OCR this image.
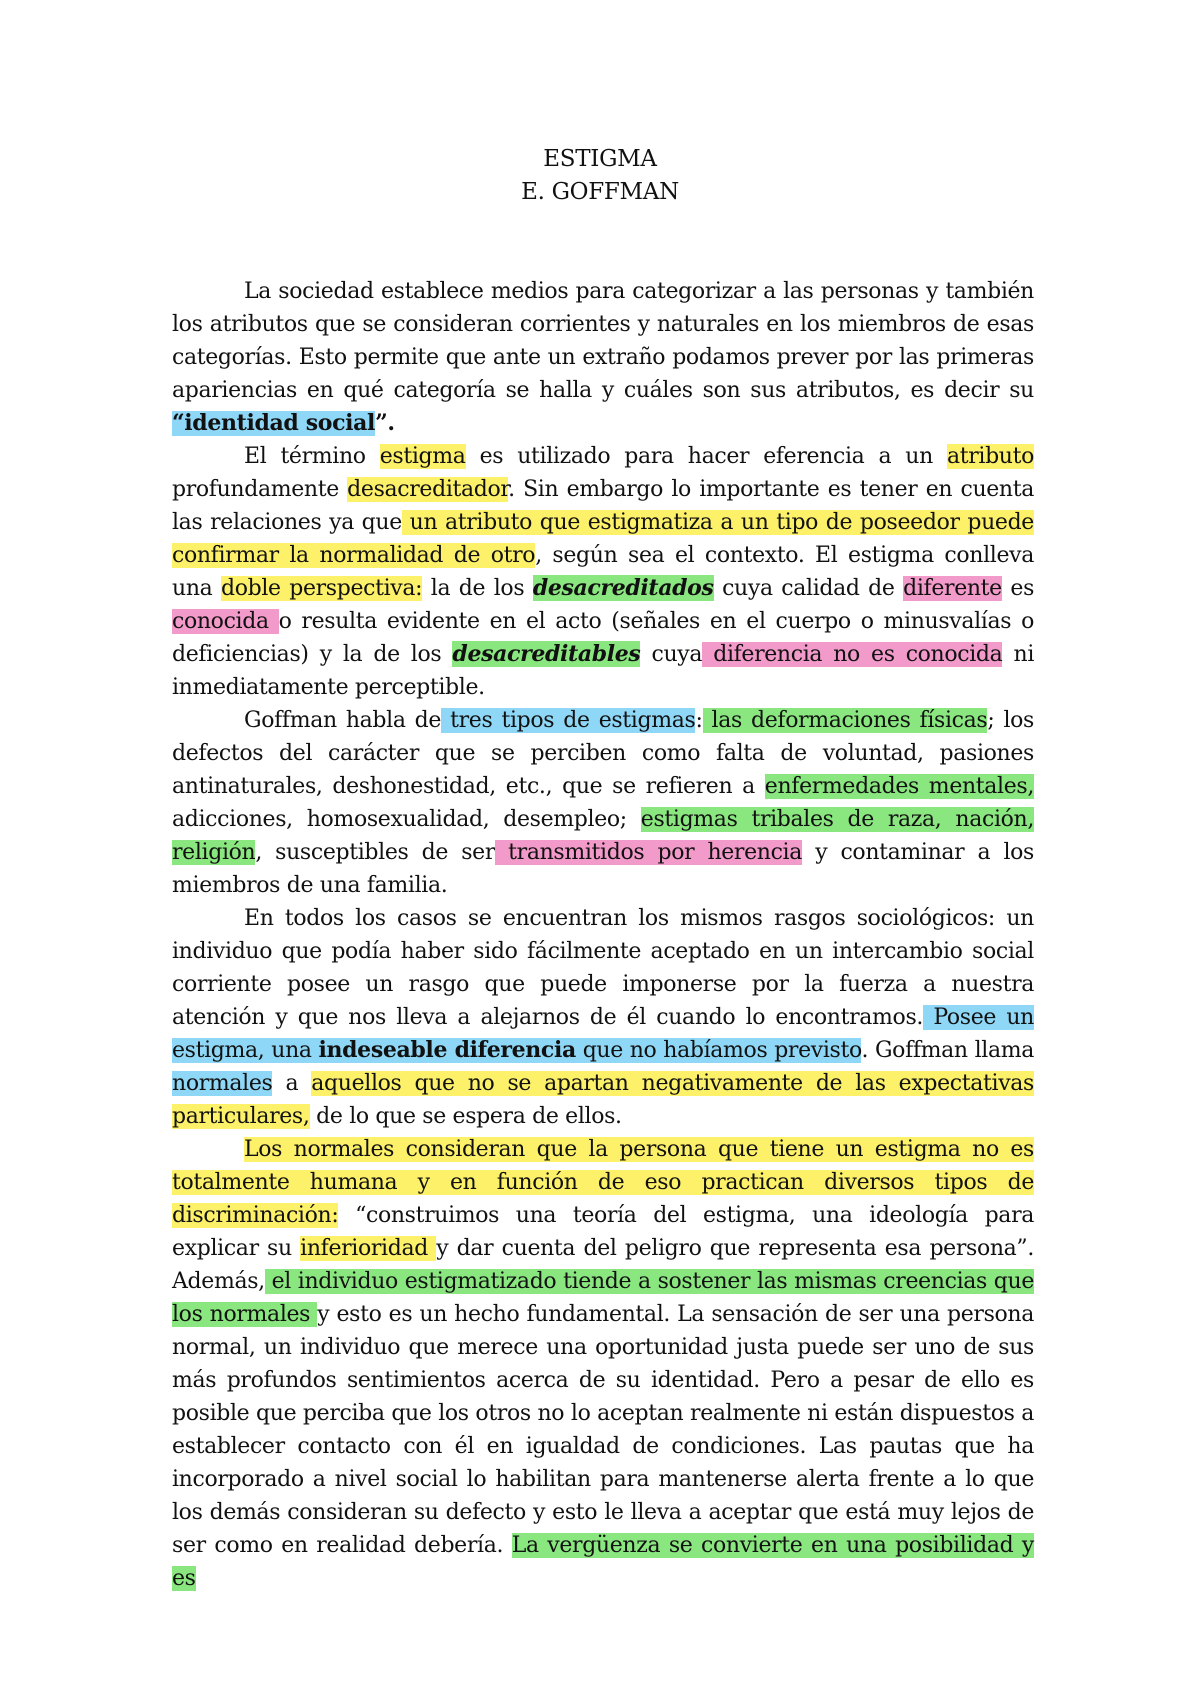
ESTIGMA
E. GOFFMAN

La sociedad establece medios para categorizar a las personas y también los atributos que se consideran corrientes y naturales en los miembros de esas categorías. Esto permite que ante un extraño podamos prever por las primeras apariencias en qué categoría se halla y cuáles son sus atributos, es decir su “identidad social”.

El término estigma es utilizado para hacer eferencia a un atributo profundamente desacreditador. Sin embargo lo importante es tener en cuenta las relaciones ya que un atributo que estigmatiza a un tipo de poseedor puede confirmar la normalidad de otro, según sea el contexto. El estigma conlleva una doble perspectiva: la de los desacreditados cuya calidad de diferente es conocida o resulta evidente en el acto (señales en el cuerpo o minusvalías o deficiencias) y la de los desacreditables cuya diferencia no es conocida ni inmediatamente perceptible.

Goffman habla de tres tipos de estigmas: las deformaciones físicas; los defectos del carácter que se perciben como falta de voluntad, pasiones antinaturales, deshonestidad, etc., que se refieren a enfermedades mentales, adicciones, homosexualidad, desempleo; estigmas tribales de raza, nación, religión, susceptibles de ser transmitidos por herencia y contaminar a los miembros de una familia.

En todos los casos se encuentran los mismos rasgos sociológicos: un individuo que podía haber sido fácilmente aceptado en un intercambio social corriente posee un rasgo que puede imponerse por la fuerza a nuestra atención y que nos lleva a alejarnos de él cuando lo encontramos. Posee un estigma, una indeseable diferencia que no habíamos previsto. Goffman llama normales a aquellos que no se apartan negativamente de las expectativas particulares, de lo que se espera de ellos.

Los normales consideran que la persona que tiene un estigma no es totalmente humana y en función de eso practican diversos tipos de discriminación: “construimos una teoría del estigma, una ideología para explicar su inferioridad y dar cuenta del peligro que representa esa persona”. Además, el individuo estigmatizado tiende a sostener las mismas creencias que los normales y esto es un hecho fundamental. La sensación de ser una persona normal, un individuo que merece una oportunidad justa puede ser uno de sus más profundos sentimientos acerca de su identidad. Pero a pesar de ello es posible que perciba que los otros no lo aceptan realmente ni están dispuestos a establecer contacto con él en igualdad de condiciones. Las pautas que ha incorporado a nivel social lo habilitan para mantenerse alerta frente a lo que los demás consideran su defecto y esto le lleva a aceptar que está muy lejos de ser como en realidad debería. La vergüenza se convierte en una posibilidad y es
